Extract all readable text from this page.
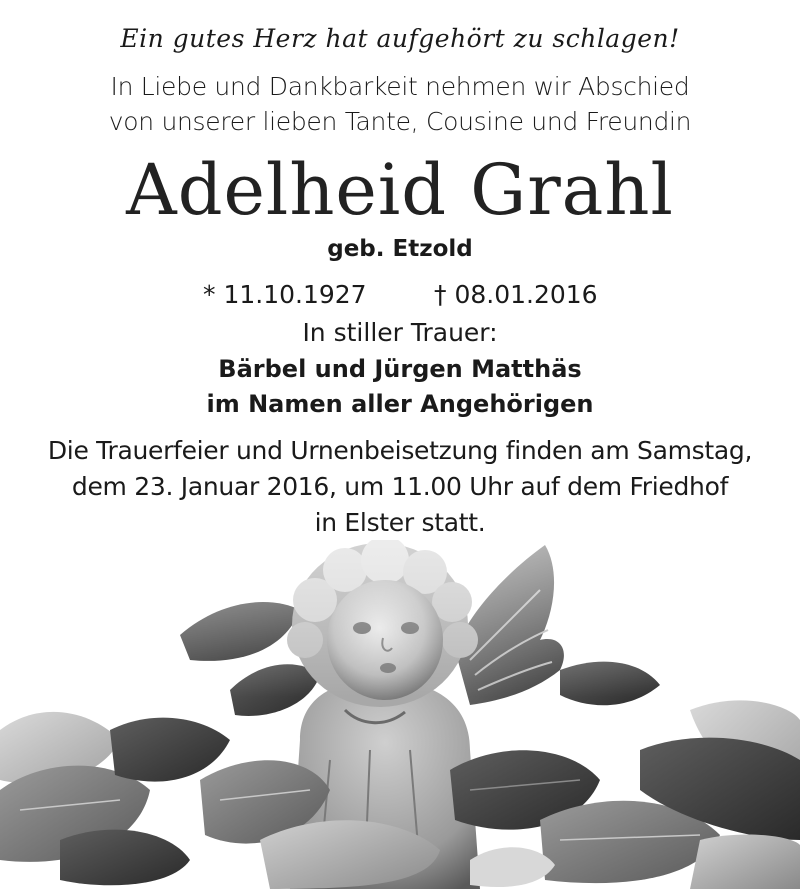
Ein gutes Herz hat aufgehört zu schlagen!
In Liebe und Dankbarkeit nehmen wir Abschied
von unserer lieben Tante, Cousine und Freundin
Adelheid Grahl
geb. Etzold
* 11.10.1927	† 08.01.2016
In stiller Trauer:
Bärbel und Jürgen Matthäs
im Namen aller Angehörigen
Die Trauerfeier und Urnenbeisetzung finden am Samstag,
dem 23. Januar 2016, um 11.00 Uhr auf dem Friedhof
in Elster statt.
